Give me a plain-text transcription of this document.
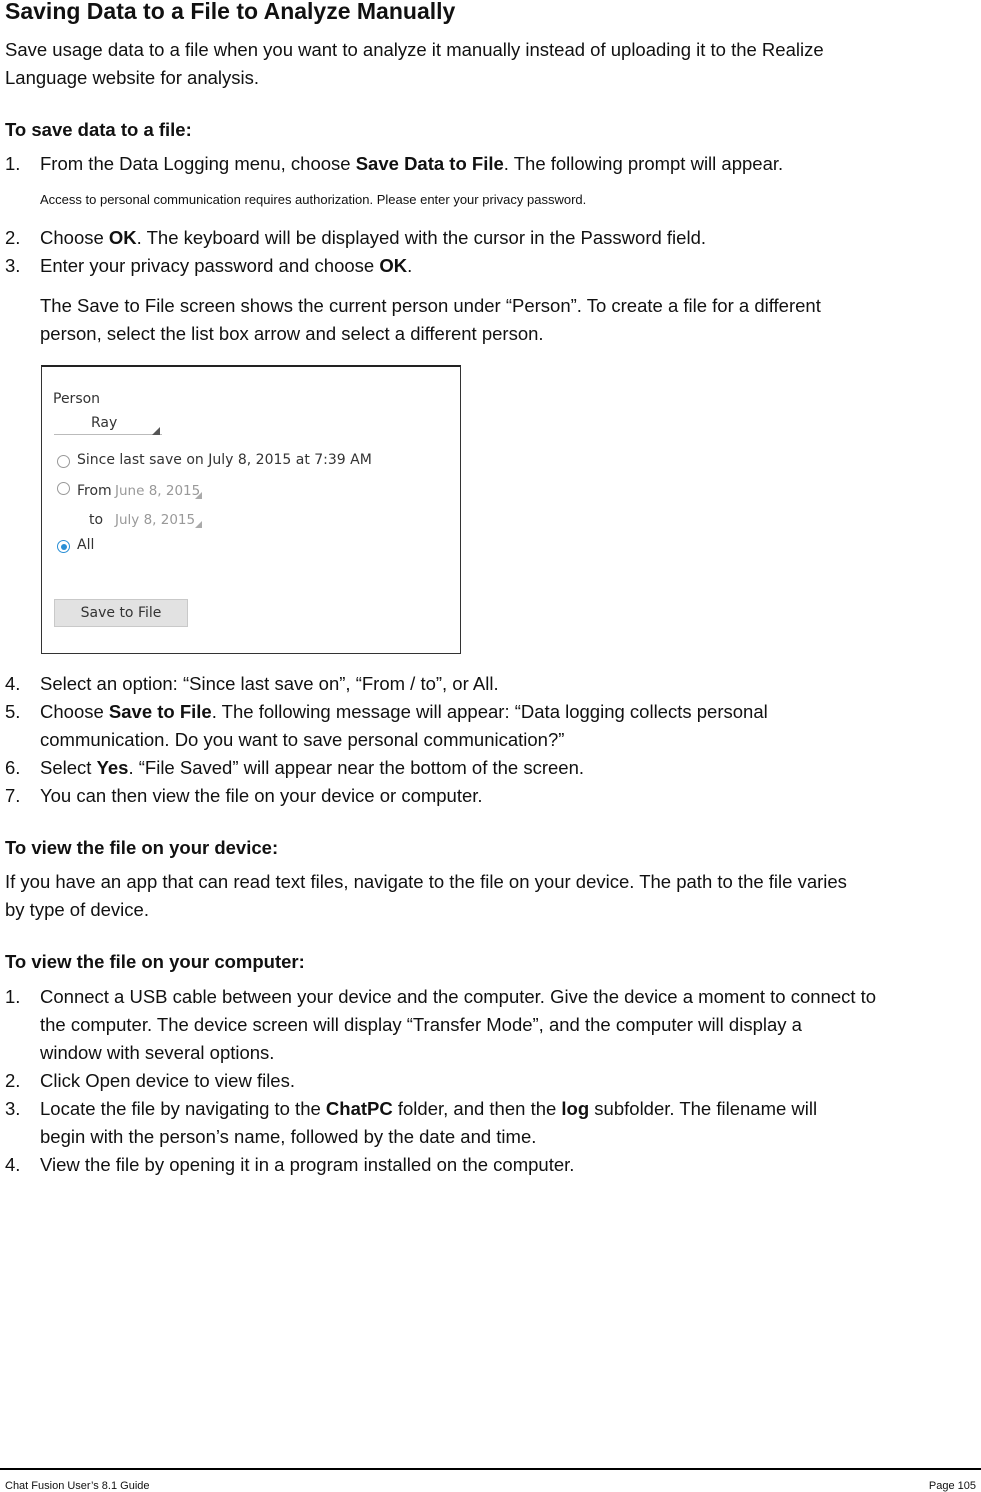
Saving Data to a File to Analyze Manually
Save usage data to a file when you want to analyze it manually instead of uploading it to the Realize
Language website for analysis.
To save data to a file:
1.	From the Data Logging menu, choose Save Data to File. The following prompt will appear.
Access to personal communication requires authorization. Please enter your privacy password.
2.	Choose OK. The keyboard will be displayed with the cursor in the Password field.
3.	Enter your privacy password and choose OK.
The Save to File screen shows the current person under “Person”. To create a file for a different
person, select the list box arrow and select a different person.
Person
Ray
Since last save on July 8, 2015 at 7:39 AM
From June 8, 2015
to July 8, 2015
All
Save to File
4.	Select an option: “Since last save on”, “From / to”, or All.
5.	Choose Save to File. The following message will appear: “Data logging collects personal
communication. Do you want to save personal communication?”
6.	Select Yes. “File Saved” will appear near the bottom of the screen.
7.	You can then view the file on your device or computer.
To view the file on your device:
If you have an app that can read text files, navigate to the file on your device. The path to the file varies
by type of device.
To view the file on your computer:
1.	Connect a USB cable between your device and the computer. Give the device a moment to connect to
the computer. The device screen will display “Transfer Mode”, and the computer will display a
window with several options.
2.	Click Open device to view files.
3.	Locate the file by navigating to the ChatPC folder, and then the log subfolder. The filename will
begin with the person’s name, followed by the date and time.
4.	View the file by opening it in a program installed on the computer.
Chat Fusion User’s 8.1 Guide	Page 105
